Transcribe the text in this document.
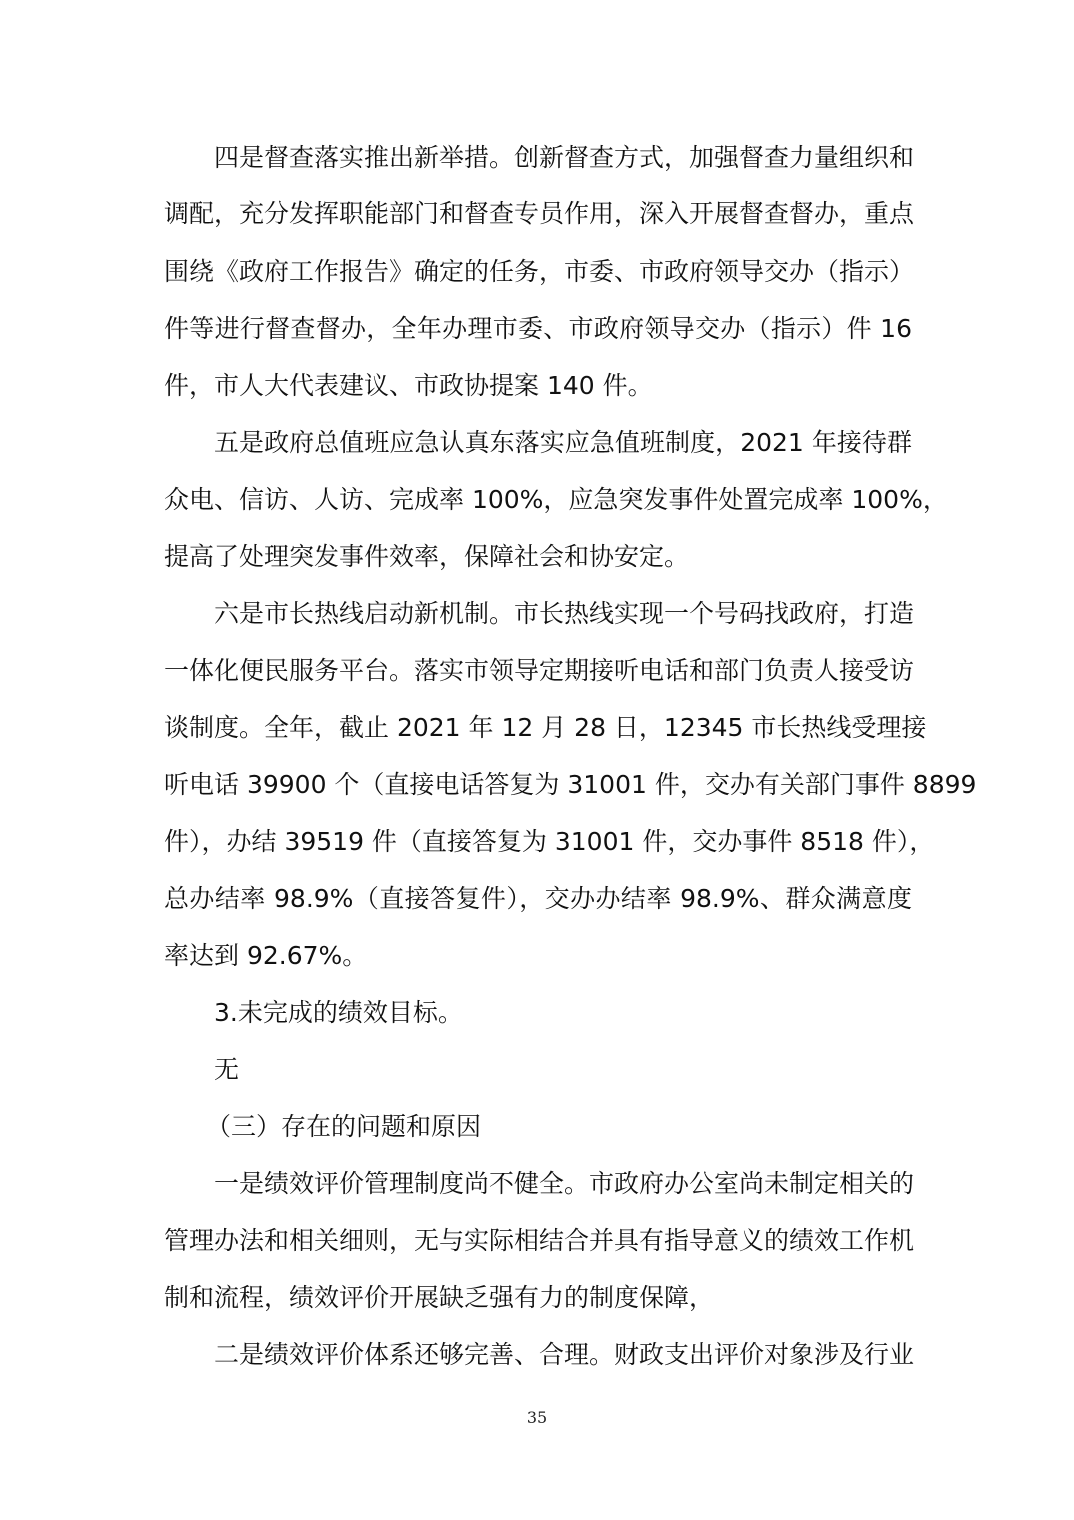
四是督查落实推出新举措。创新督查方式，加强督查力量组织和
调配，充分发挥职能部门和督查专员作用，深入开展督查督办，重点
围绕《政府工作报告》确定的任务，市委、市政府领导交办（指示）
件等进行督查督办，全年办理市委、市政府领导交办（指示）件 16
件，市人大代表建议、市政协提案 140 件。
五是政府总值班应急认真东落实应急值班制度，2021 年接待群
众电、信访、人访、完成率 100%，应急突发事件处置完成率 100%，
提高了处理突发事件效率，保障社会和协安定。
六是市长热线启动新机制。市长热线实现一个号码找政府，打造
一体化便民服务平台。落实市领导定期接听电话和部门负责人接受访
谈制度。全年，截止 2021 年 12 月 28 日，12345 市长热线受理接
听电话 39900 个（直接电话答复为 31001 件，交办有关部门事件 8899
件），办结 39519 件（直接答复为 31001 件，交办事件 8518 件），
总办结率 98.9%（直接答复件），交办办结率 98.9%、群众满意度
率达到 92.67%。
3.未完成的绩效目标。
无
（三）存在的问题和原因
一是绩效评价管理制度尚不健全。市政府办公室尚未制定相关的
管理办法和相关细则，无与实际相结合并具有指导意义的绩效工作机
制和流程，绩效评价开展缺乏强有力的制度保障，
二是绩效评价体系还够完善、合理。财政支出评价对象涉及行业
35
